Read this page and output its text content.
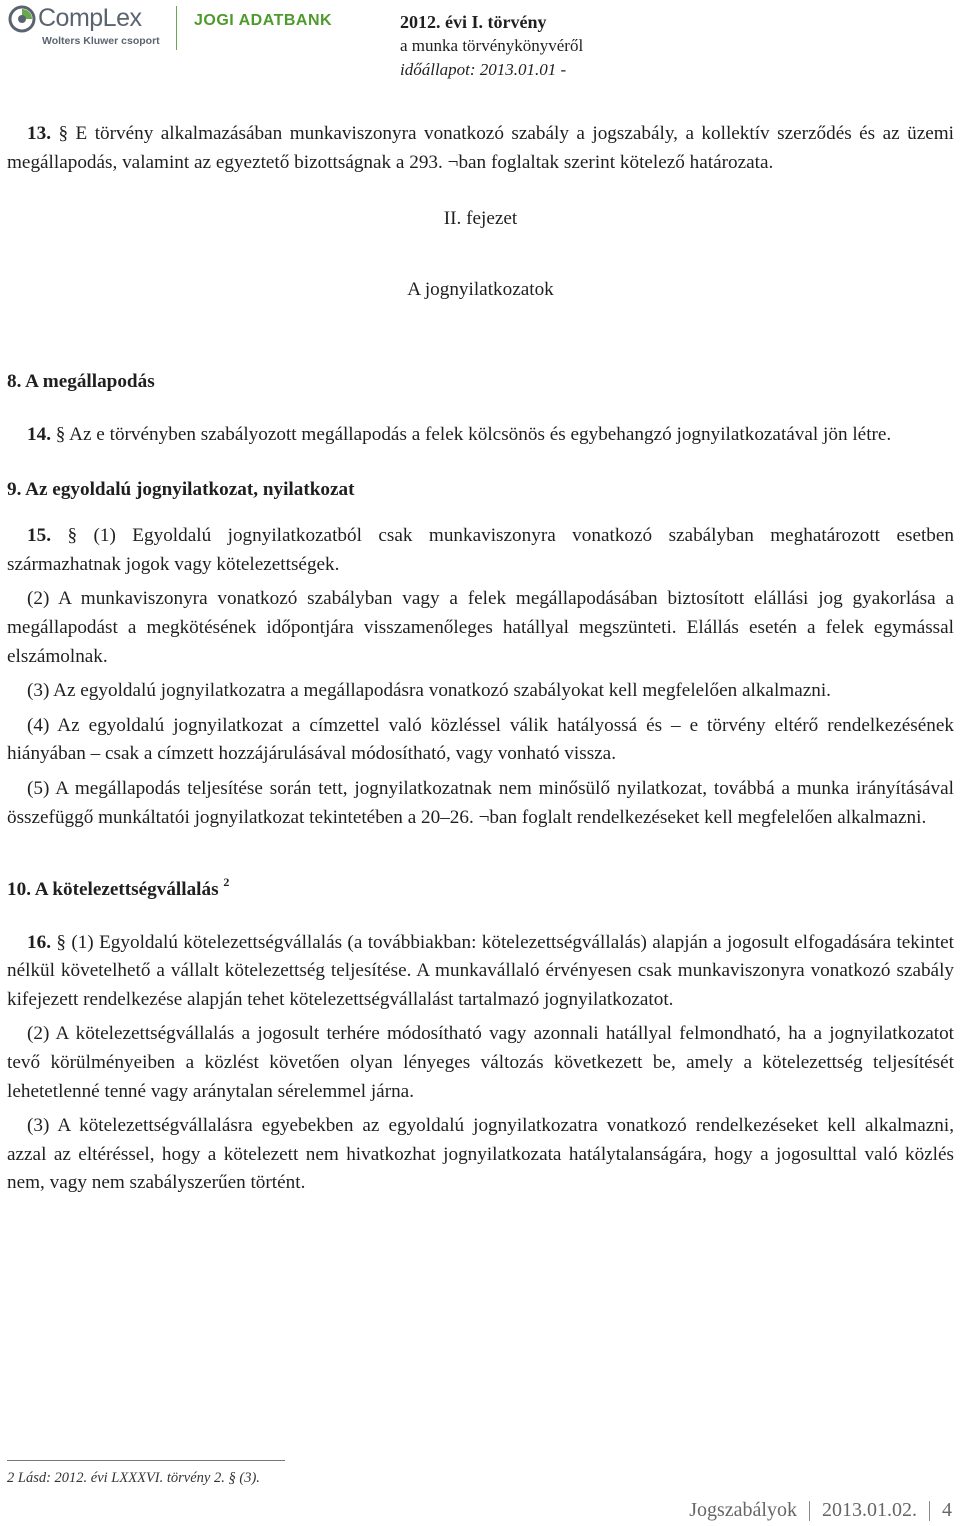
CompLex
Wolters Kluwer csoport
JOGI ADATBANK	2012. évi I. törvény
a munka törvénykönyvéről
időállapot: 2013.01.01 -

13. § E törvény alkalmazásában munkaviszonyra vonatkozó szabály a jogszabály, a kollektív szerződés és az üzemi megállapodás, valamint az egyeztető bizottságnak a 293. ¬ban foglaltak szerint kötelező határozata.

II. fejezet

A jognyilatkozatok

8. A megállapodás

14. § Az e törvényben szabályozott megállapodás a felek kölcsönös és egybehangzó jognyilatkozatával jön létre.

9. Az egyoldalú jognyilatkozat, nyilatkozat

15. § (1) Egyoldalú jognyilatkozatból csak munkaviszonyra vonatkozó szabályban meghatározott esetben származhatnak jogok vagy kötelezettségek.

(2) A munkaviszonyra vonatkozó szabályban vagy a felek megállapodásában biztosított elállási jog gyakorlása a megállapodást a megkötésének időpontjára visszamenőleges hatállyal megszünteti. Elállás esetén a felek egymással elszámolnak.

(3) Az egyoldalú jognyilatkozatra a megállapodásra vonatkozó szabályokat kell megfelelően alkalmazni.

(4) Az egyoldalú jognyilatkozat a címzettel való közléssel válik hatályossá és – e törvény eltérő rendelkezésének hiányában – csak a címzett hozzájárulásával módosítható, vagy vonható vissza.

(5) A megállapodás teljesítése során tett, jognyilatkozatnak nem minősülő nyilatkozat, továbbá a munka irányításával összefüggő munkáltatói jognyilatkozat tekintetében a 20–26. ¬ban foglalt rendelkezéseket kell megfelelően alkalmazni.

10. A kötelezettségvállalás $^2$

16. § (1) Egyoldalú kötelezettségvállalás (a továbbiakban: kötelezettségvállalás) alapján a jogosult elfogadására tekintet nélkül követelhető a vállalt kötelezettség teljesítése. A munkavállaló érvényesen csak munkaviszonyra vonatkozó szabály kifejezett rendelkezése alapján tehet kötelezettségvállalást tartalmazó jognyilatkozatot.

(2) A kötelezettségvállalás a jogosult terhére módosítható vagy azonnali hatállyal felmondható, ha a jognyilatkozatot tevő körülményeiben a közlést követően olyan lényeges változás következett be, amely a kötelezettség teljesítését lehetetlenné tenné vagy aránytalan sérelemmel járna.

(3) A kötelezettségvállalásra egyebekben az egyoldalú jognyilatkozatra vonatkozó rendelkezéseket kell alkalmazni, azzal az eltéréssel, hogy a kötelezett nem hivatkozhat jognyilatkozata hatálytalanságára, hogy a jogosulttal való közlés nem, vagy nem szabályszerűen történt.

2 Lásd: 2012. évi LXXXVI. törvény 2. § (3).
Jogszabályok 2013.01.02. 4
